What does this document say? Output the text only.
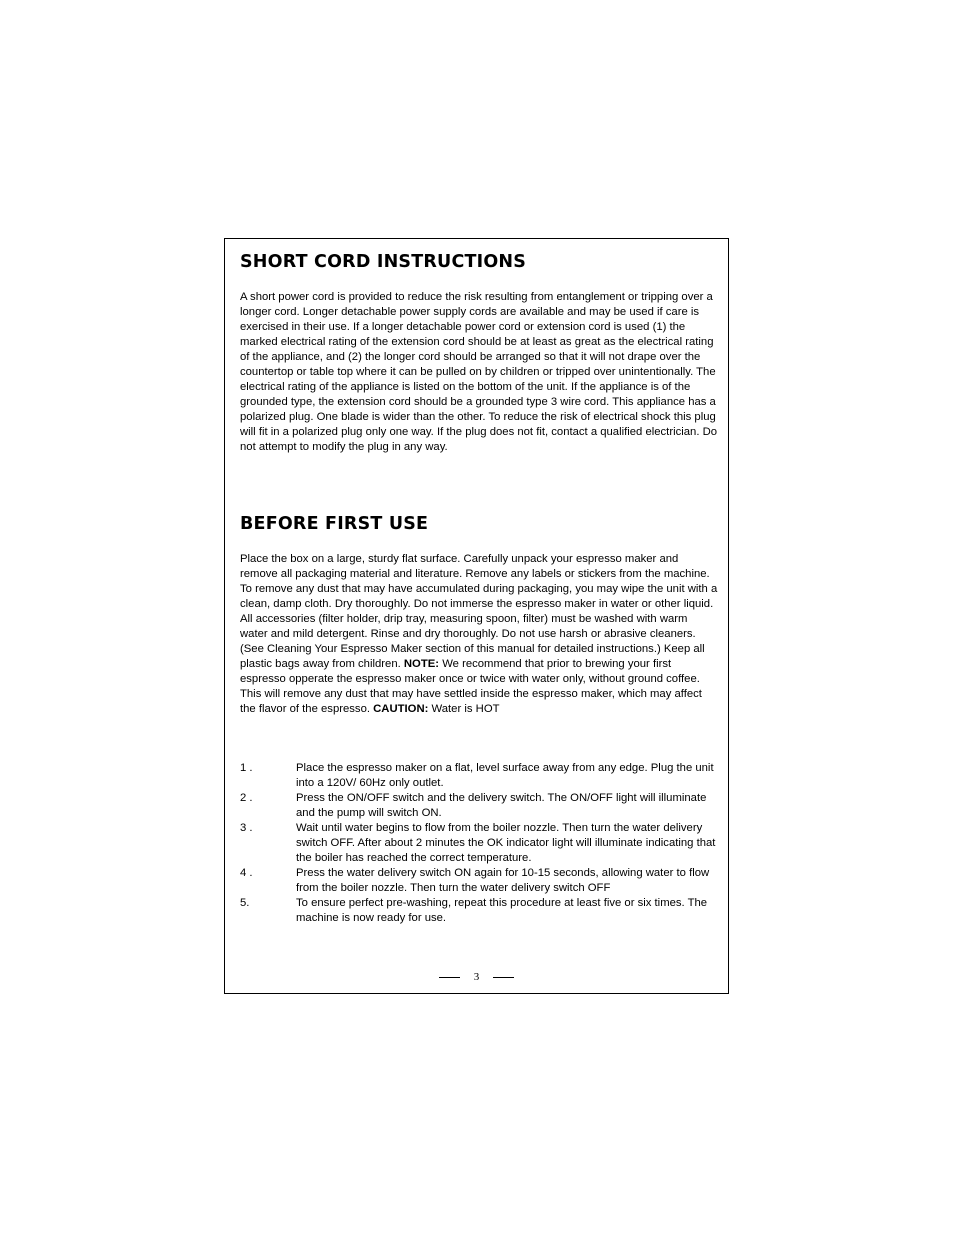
SHORT CORD INSTRUCTIONS

A short power cord is provided to reduce the risk resulting from entanglement or tripping over a longer cord. Longer detachable power supply cords are available and may be used if care is exercised in their use. If a longer detachable power cord or extension cord is used (1) the marked electrical rating of the extension cord should be at least as great as the electrical rating of the appliance, and (2) the longer cord should be arranged so that it will not drape over the countertop or table top where it can be pulled on by children or tripped over unintentionally. The electrical rating of the appliance is listed on the bottom of the unit. If the appliance is of the grounded type, the extension cord should be a grounded type 3 wire cord. This appliance has a polarized plug. One blade is wider than the other. To reduce the risk of electrical shock this plug will fit in a polarized plug only one way. If the plug does not fit, contact a qualified electrician. Do not attempt to modify the plug in any way.

BEFORE FIRST USE

Place the box on a large, sturdy flat surface. Carefully unpack your espresso maker and remove all packaging material and literature. Remove any labels or stickers from the machine. To remove any dust that may have accumulated during packaging, you may wipe the unit with a clean, damp cloth. Dry thoroughly. Do not immerse the espresso maker in water or other liquid. All accessories (filter holder, drip tray, measuring spoon, filter) must be washed with warm water and mild detergent. Rinse and dry thoroughly. Do not use harsh or abrasive cleaners. (See Cleaning Your Espresso Maker section of this manual for detailed instructions.) Keep all plastic bags away from children. NOTE: We recommend that prior to brewing your first espresso opperate the espresso maker once or twice with water only, without ground coffee. This will remove any dust that may have settled inside the espresso maker, which may affect the flavor of the espresso. CAUTION: Water is HOT

1 .	Place the espresso maker on a flat, level surface away from any edge. Plug the unit into a 120V/ 60Hz only outlet.
2 .	Press the ON/OFF switch and the delivery switch. The ON/OFF light will illuminate and the pump will switch ON.
3 .	Wait until water begins to flow from the boiler nozzle. Then turn the water delivery switch OFF. After about 2 minutes the OK indicator light will illuminate indicating that the boiler has reached the correct temperature.
4 .	Press the water delivery switch ON again for 10-15 seconds, allowing water to flow from the boiler nozzle. Then turn the water delivery switch OFF
5.	To ensure perfect pre-washing, repeat this procedure at least five or six times. The machine is now ready for use.
3
